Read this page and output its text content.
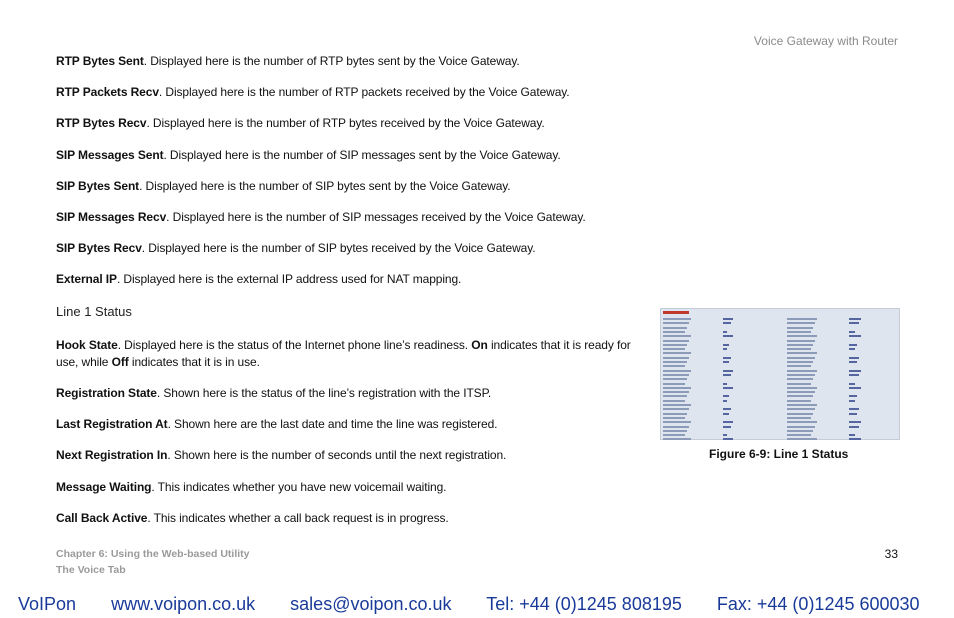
Voice Gateway with Router
RTP Bytes Sent. Displayed here is the number of RTP bytes sent by the Voice Gateway.
RTP Packets Recv. Displayed here is the number of RTP packets received by the Voice Gateway.
RTP Bytes Recv. Displayed here is the number of RTP bytes received by the Voice Gateway.
SIP Messages Sent. Displayed here is the number of SIP messages sent by the Voice Gateway.
SIP Bytes Sent. Displayed here is the number of SIP bytes sent by the Voice Gateway.
SIP Messages Recv. Displayed here is the number of SIP messages received by the Voice Gateway.
SIP Bytes Recv. Displayed here is the number of SIP bytes received by the Voice Gateway.
External IP. Displayed here is the external IP address used for NAT mapping.
Line 1 Status
Hook State. Displayed here is the status of the Internet phone line’s readiness. On indicates that it is ready for use, while Off indicates that it is in use.
Registration State. Shown here is the status of the line’s registration with the ITSP.
Last Registration At. Shown here are the last date and time the line was registered.
Next Registration In. Shown here is the number of seconds until the next registration.
Message Waiting. This indicates whether you have new voicemail waiting.
Call Back Active. This indicates whether a call back request is in progress.
Figure 6-9: Line 1 Status
Chapter 6: Using the Web-based Utility
The Voice Tab
33
VoIPon www.voipon.co.uk sales@voipon.co.uk Tel: +44 (0)1245 808195 Fax: +44 (0)1245 600030
